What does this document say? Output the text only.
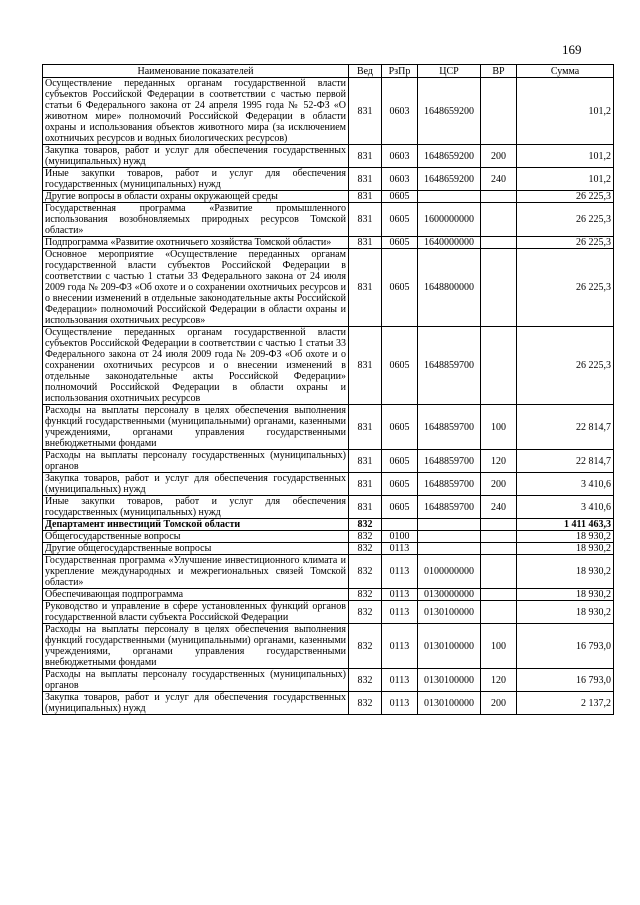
169
Наименование показателей	Вед	РзПр	ЦСР	ВР	Сумма
Осуществление переданных органам государственной власти субъектов Российской Федерации в соответствии с частью первой статьи 6 Федерального закона от 24 апреля 1995 года № 52-ФЗ «О животном мире» полномочий Российской Федерации в области охраны и использования объектов животного мира (за исключением охотничьих ресурсов и водных биологических ресурсов)	831	0603	1648659200		101,2
Закупка товаров, работ и услуг для обеспечения государственных (муниципальных) нужд	831	0603	1648659200	200	101,2
Иные закупки товаров, работ и услуг для обеспечения государственных (муниципальных) нужд	831	0603	1648659200	240	101,2
Другие вопросы в области охраны окружающей среды	831	0605			26 225,3
Государственная программа «Развитие промышленного использования возобновляемых природных ресурсов Томской области»	831	0605	1600000000		26 225,3
Подпрограмма «Развитие охотничьего хозяйства Томской области»	831	0605	1640000000		26 225,3
Основное мероприятие «Осуществление переданных органам государственной власти субъектов Российской Федерации в соответствии с частью 1 статьи 33 Федерального закона от 24 июля 2009 года № 209-ФЗ «Об охоте и о сохранении охотничьих ресурсов и о внесении изменений в отдельные законодательные акты Российской Федерации» полномочий Российской Федерации в области охраны и использования охотничьих ресурсов»	831	0605	1648800000		26 225,3
Осуществление переданных органам государственной власти субъектов Российской Федерации в соответствии с частью 1 статьи 33 Федерального закона от 24 июля 2009 года № 209-ФЗ «Об охоте и о сохранении охотничьих ресурсов и о внесении изменений в отдельные законодательные акты Российской Федерации» полномочий Российской Федерации в области охраны и использования охотничьих ресурсов	831	0605	1648859700		26 225,3
Расходы на выплаты персоналу в целях обеспечения выполнения функций государственными (муниципальными) органами, казенными учреждениями, органами управления государственными внебюджетными фондами	831	0605	1648859700	100	22 814,7
Расходы на выплаты персоналу государственных (муниципальных) органов	831	0605	1648859700	120	22 814,7
Закупка товаров, работ и услуг для обеспечения государственных (муниципальных) нужд	831	0605	1648859700	200	3 410,6
Иные закупки товаров, работ и услуг для обеспечения государственных (муниципальных) нужд	831	0605	1648859700	240	3 410,6
Департамент инвестиций Томской области	832				1 411 463,3
Общегосударственные вопросы	832	0100			18 930,2
Другие общегосударственные вопросы	832	0113			18 930,2
Государственная программа «Улучшение инвестиционного климата и укрепление международных и межрегиональных связей Томской области»	832	0113	0100000000		18 930,2
Обеспечивающая подпрограмма	832	0113	0130000000		18 930,2
Руководство и управление в сфере установленных функций органов государственной власти субъекта Российской Федерации	832	0113	0130100000		18 930,2
Расходы на выплаты персоналу в целях обеспечения выполнения функций государственными (муниципальными) органами, казенными учреждениями, органами управления государственными внебюджетными фондами	832	0113	0130100000	100	16 793,0
Расходы на выплаты персоналу государственных (муниципальных) органов	832	0113	0130100000	120	16 793,0
Закупка товаров, работ и услуг для обеспечения государственных (муниципальных) нужд	832	0113	0130100000	200	2 137,2
